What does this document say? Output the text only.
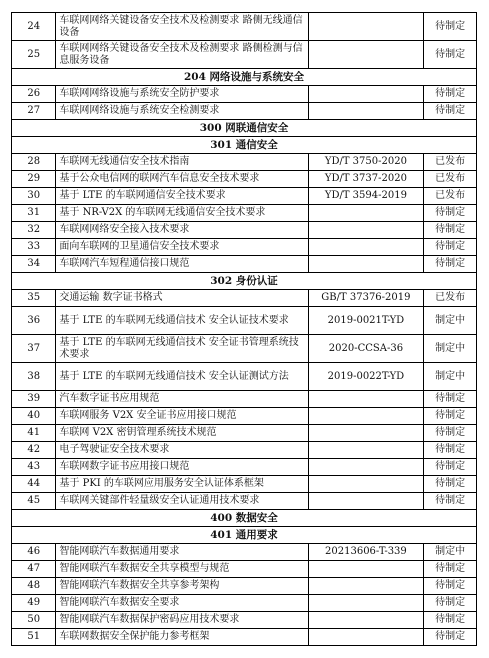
24	车联网网络关键设备安全技术及检测要求 路侧无线通信设备		待制定
25	车联网网络关键设备安全技术及检测要求 路侧检测与信息服务设备		待制定
204 网络设施与系统安全			
26	车联网网络设施与系统安全防护要求		待制定
27	车联网网络设施与系统安全检测要求		待制定
300 网联通信安全			
301 通信安全			
28	车联网无线通信安全技术指南	YD/T 3750-2020	已发布
29	基于公众电信网的联网汽车信息安全技术要求	YD/T 3737-2020	已发布
30	基于 LTE 的车联网通信安全技术要求	YD/T 3594-2019	已发布
31	基于 NR-V2X 的车联网无线通信安全技术要求		待制定
32	车联网网络安全接入技术要求		待制定
33	面向车联网的卫星通信安全技术要求		待制定
34	车联网汽车短程通信接口规范		待制定
302 身份认证			
35	交通运输 数字证书格式	GB/T 37376-2019	已发布
36	基于 LTE 的车联网无线通信技术 安全认证技术要求	2019-0021T-YD	制定中
37	基于 LTE 的车联网无线通信技术 安全证书管理系统技术要求	2020-CCSA-36	制定中
38	基于 LTE 的车联网无线通信技术 安全认证测试方法	2019-0022T-YD	制定中
39	汽车数字证书应用规范		待制定
40	车联网服务 V2X 安全证书应用接口规范		待制定
41	车联网 V2X 密钥管理系统技术规范		待制定
42	电子驾驶证安全技术要求		待制定
43	车联网数字证书应用接口规范		待制定
44	基于 PKI 的车联网应用服务安全认证体系框架		待制定
45	车联网关键部件轻量级安全认证通用技术要求		待制定
400 数据安全			
401 通用要求			
46	智能网联汽车数据通用要求	20213606-T-339	制定中
47	智能网联汽车数据安全共享模型与规范		待制定
48	智能网联汽车数据安全共享参考架构		待制定
49	智能网联汽车数据安全要求		待制定
50	智能网联汽车数据保护密码应用技术要求		待制定
51	车联网数据安全保护能力参考框架		待制定
